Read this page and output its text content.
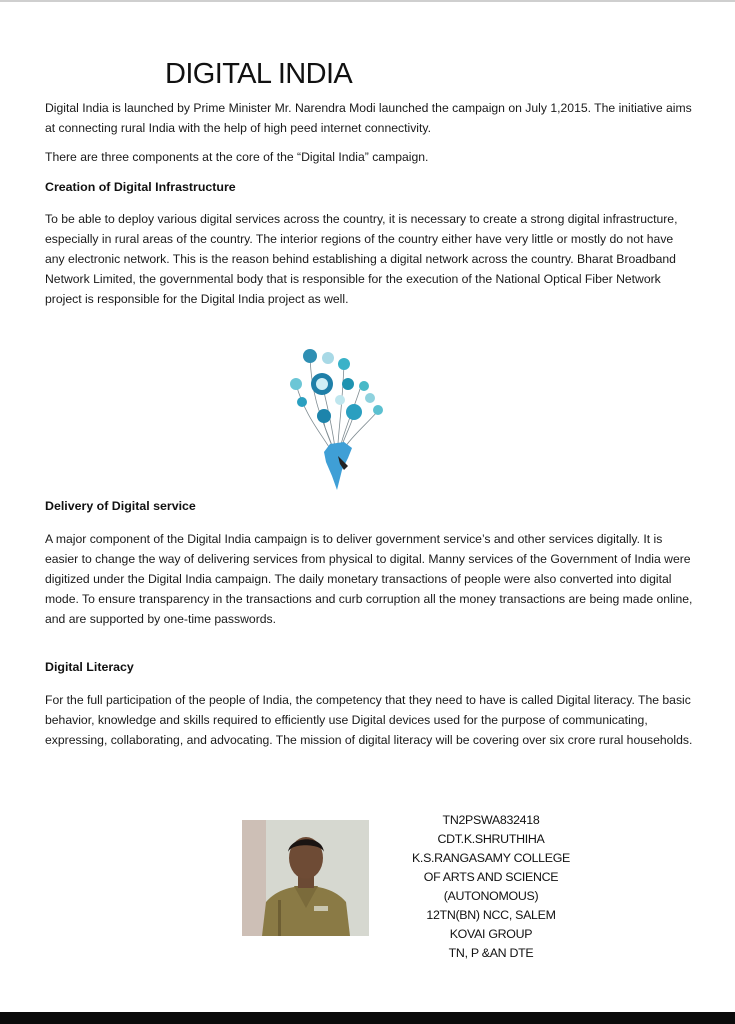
DIGITAL INDIA

Digital India is launched by Prime Minister Mr. Narendra Modi launched the campaign on July 1,2015. The initiative aims at connecting rural India with the help of high peed internet connectivity.

There are three components at the core of the “Digital India” campaign.

Creation of Digital Infrastructure

To be able to deploy various digital services across the country, it is necessary to create a strong digital infrastructure, especially in rural areas of the country. The interior regions of the country either have very little or mostly do not have any electronic network. This is the reason behind establishing a digital network across the country. Bharat Broadband Network Limited, the governmental body that is responsible for the execution of the National Optical Fiber Network project is responsible for the Digital India project as well.

Delivery of Digital service

A major component of the Digital India campaign is to deliver government service’s and other services digitally. It is easier to change the way of delivering services from physical to digital. Manny services of the Government of India were digitized under the Digital India campaign. The daily monetary transactions of people were also converted into digital mode. To ensure transparency in the transactions and curb corruption all the money transactions are being made online, and are supported by one-time passwords.

Digital Literacy

For the full participation of the people of India, the competency that they need to have is called Digital literacy. The basic behavior, knowledge and skills required to efficiently use Digital devices used for the purpose of communicating, expressing, collaborating, and advocating. The mission of digital literacy will be covering over six crore rural households.

TN2PSWA832418
CDT.K.SHRUTHIHA
K.S.RANGASAMY COLLEGE
OF ARTS AND SCIENCE
(AUTONOMOUS)
12TN(BN) NCC, SALEM
KOVAI GROUP
TN, P &AN DTE
